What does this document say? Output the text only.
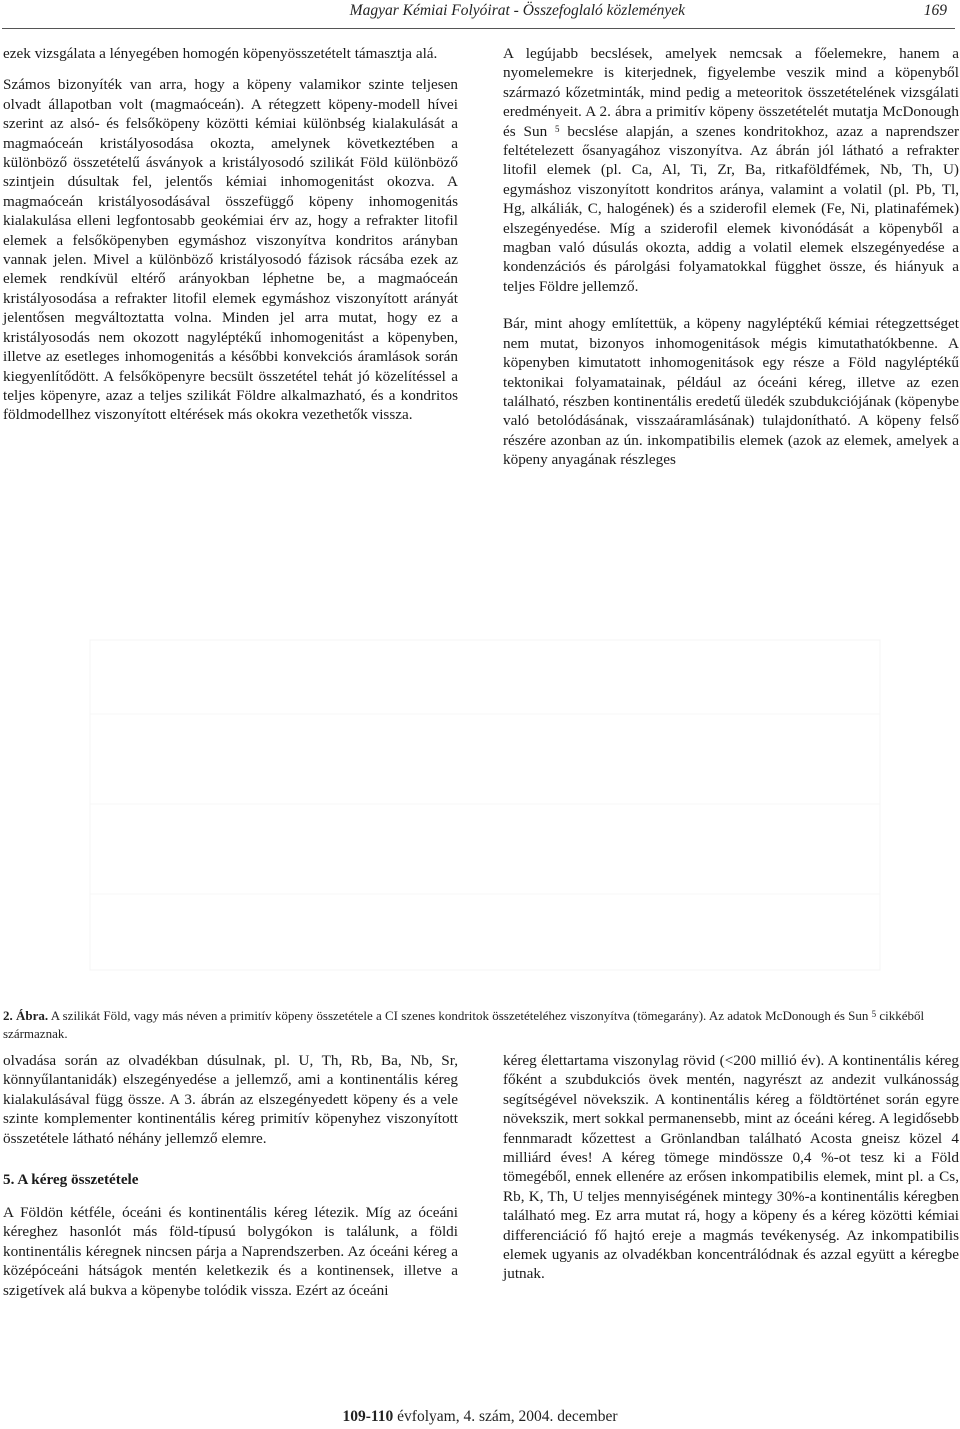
Magyar Kémiai Folyóirat - Összefoglaló közlemények	169

ezek vizsgálata a lényegében homogén köpenyösszetételt támasztja alá.

Számos bizonyíték van arra, hogy a köpeny valamikor szinte teljesen olvadt állapotban volt (magmaóceán). A rétegzett köpeny-modell hívei szerint az alsó- és felsőköpeny közötti kémiai különbség kialakulását a magmaóceán kristályosodása okozta, amelynek következtében a különböző összetételű ásványok a kristályosodó szilikát Föld különböző szintjein dúsultak fel, jelentős kémiai inhomogenitást okozva. A magmaóceán kristályosodásával összefüggő köpeny inhomogenitás kialakulása elleni legfontosabb geokémiai érv az, hogy a refrakter litofil elemek a felsőköpenyben egymáshoz viszonyítva kondritos arányban vannak jelen. Mivel a különböző kristályosodó fázisok rácsába ezek az elemek rendkívül eltérő arányokban léphetne be, a magmaóceán kristályosodása a refrakter litofil elemek egymáshoz viszonyított arányát jelentősen megváltoztatta volna. Minden jel arra mutat, hogy ez a kristályosodás nem okozott nagyléptékű inhomogenitást a köpenyben, illetve az esetleges inhomogenitás a későbbi konvekciós áramlások során kiegyenlítődött. A felsőköpenyre becsült összetétel tehát jó közelítéssel a teljes köpenyre, azaz a teljes szilikát Földre alkalmazható, és a kondritos földmodellhez viszonyított eltérések más okokra vezethetők vissza.

A legújabb becslések, amelyek nemcsak a főelemekre, hanem a nyomelemekre is kiterjednek, figyelembe veszik mind a köpenyből származó kőzetminták, mind pedig a meteoritok összetételének vizsgálati eredményeit. A 2. ábra a primitív köpeny összetételét mutatja McDonough és Sun $^5$ becslése alapján, a szenes kondritokhoz, azaz a naprendszer feltételezett ősanyagához viszonyítva. Az ábrán jól látható a refrakter litofil elemek (pl. Ca, Al, Ti, Zr, Ba, ritkaföldfémek, Nb, Th, U) egymáshoz viszonyított kondritos aránya, valamint a volatil (pl. Pb, Tl, Hg, alkáliák, C, halogének) és a sziderofil elemek (Fe, Ni, platinafémek) elszegényedése. Míg a sziderofil elemek kivonódását a köpenyből a magban való dúsulás okozta, addig a volatil elemek elszegényedése a kondenzációs és párolgási folyamatokkal függhet össze, és hiányuk a teljes Földre jellemző.

Bár, mint ahogy említettük, a köpeny nagyléptékű kémiai rétegzettséget nem mutat, bizonyos inhomogenitások mégis kimutathatókbenne. A köpenyben kimutatott inhomogenitások egy része a Föld nagyléptékű tektonikai folyamatainak, például az óceáni kéreg, illetve az ezen található, részben kontinentális eredetű üledék szubdukciójának (köpenybe való betolódásának, visszaáramlásának) tulajdonítható. A köpeny felső részére azonban az ún. inkompatibilis elemek (azok az elemek, amelyek a köpeny anyagának részleges

2. Ábra. A szilikát Föld, vagy más néven a primitív köpeny összetétele a CI szenes kondritok összetételéhez viszonyítva (tömegarány). Az adatok McDonough és Sun $^5$ cikkéből származnak.

olvadása során az olvadékban dúsulnak, pl. U, Th, Rb, Ba, Nb, Sr, könnyűlantanidák) elszegényedése a jellemző, ami a kontinentális kéreg kialakulásával függ össze. A 3. ábrán az elszegényedett köpeny és a vele szinte komplementer kontinentális kéreg primitív köpenyhez viszonyított összetétele látható néhány jellemző elemre.

5. A kéreg összetétele

A Földön kétféle, óceáni és kontinentális kéreg létezik. Míg az óceáni kéreghez hasonlót más föld-típusú bolygókon is találunk, a földi kontinentális kéregnek nincsen párja a Naprendszerben. Az óceáni kéreg a középóceáni hátságok mentén keletkezik és a kontinensek, illetve a szigetívek alá bukva a köpenybe tolódik vissza. Ezért az óceáni

kéreg élettartama viszonylag rövid (<200 millió év). A kontinentális kéreg főként a szubdukciós övek mentén, nagyrészt az andezit vulkánosság segítségével növekszik. A kontinentális kéreg a földtörténet során egyre növekszik, mert sokkal permanensebb, mint az óceáni kéreg. A legidősebb fennmaradt kőzettest a Grönlandban található Acosta gneisz közel 4 milliárd éves! A kéreg tömege mindössze 0,4 %-ot tesz ki a Föld tömegéből, ennek ellenére az erősen inkompatibilis elemek, mint pl. a Cs, Rb, K, Th, U teljes mennyiségének mintegy 30%-a kontinentális kéregben található meg. Ez arra mutat rá, hogy a köpeny és a kéreg közötti kémiai differenciáció fő hajtó ereje a magmás tevékenység. Az inkompatibilis elemek ugyanis az olvadékban koncentrálódnak és azzal együtt a kéregbe jutnak.

109-110 évfolyam, 4. szám, 2004. december
